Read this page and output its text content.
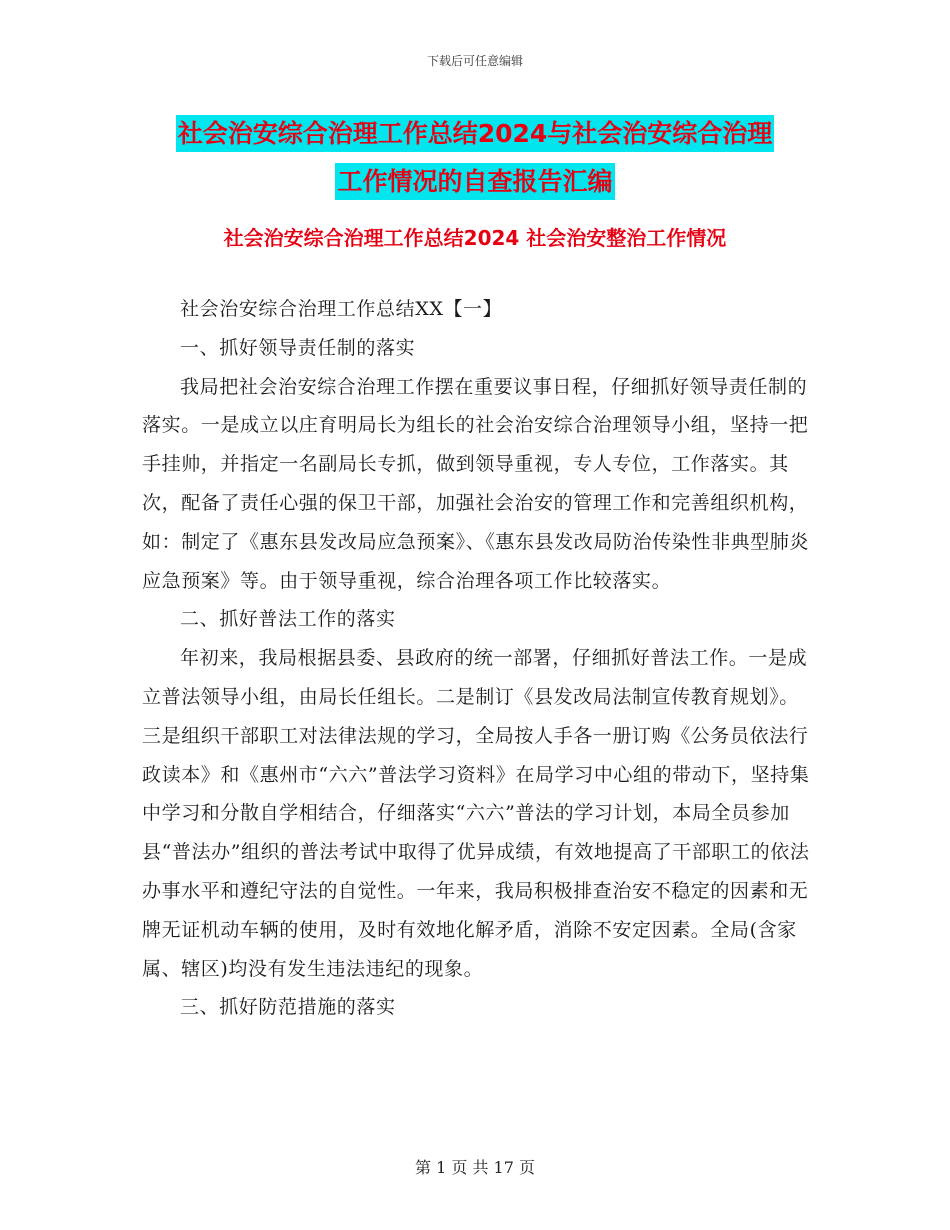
下载后可任意编辑
社会治安综合治理工作总结2024与社会治安综合治理
工作情况的自查报告汇编
社会治安综合治理工作总结2024 社会治安整治工作情况

社会治安综合治理工作总结XX【一】

一、抓好领导责任制的落实

我局把社会治安综合治理工作摆在重要议事日程，仔细抓好领导责任制的落实。一是成立以庄育明局长为组长的社会治安综合治理领导小组，坚持一把手挂帅，并指定一名副局长专抓，做到领导重视，专人专位，工作落实。其次，配备了责任心强的保卫干部，加强社会治安的管理工作和完善组织机构，如：制定了《惠东县发改局应急预案》、《惠东县发改局防治传染性非典型肺炎应急预案》等。由于领导重视，综合治理各项工作比较落实。

二、抓好普法工作的落实

年初来，我局根据县委、县政府的统一部署，仔细抓好普法工作。一是成立普法领导小组，由局长任组长。二是制订《县发改局法制宣传教育规划》。三是组织干部职工对法律法规的学习，全局按人手各一册订购《公务员依法行政读本》和《惠州市“六六”普法学习资料》在局学习中心组的带动下，坚持集中学习和分散自学相结合，仔细落实“六六”普法的学习计划，本局全员参加县“普法办”组织的普法考试中取得了优异成绩，有效地提高了干部职工的依法办事水平和遵纪守法的自觉性。一年来，我局积极排查治安不稳定的因素和无牌无证机动车辆的使用，及时有效地化解矛盾，消除不安定因素。全局(含家属、辖区)均没有发生违法违纪的现象。

三、抓好防范措施的落实

第 1 页 共 17 页
